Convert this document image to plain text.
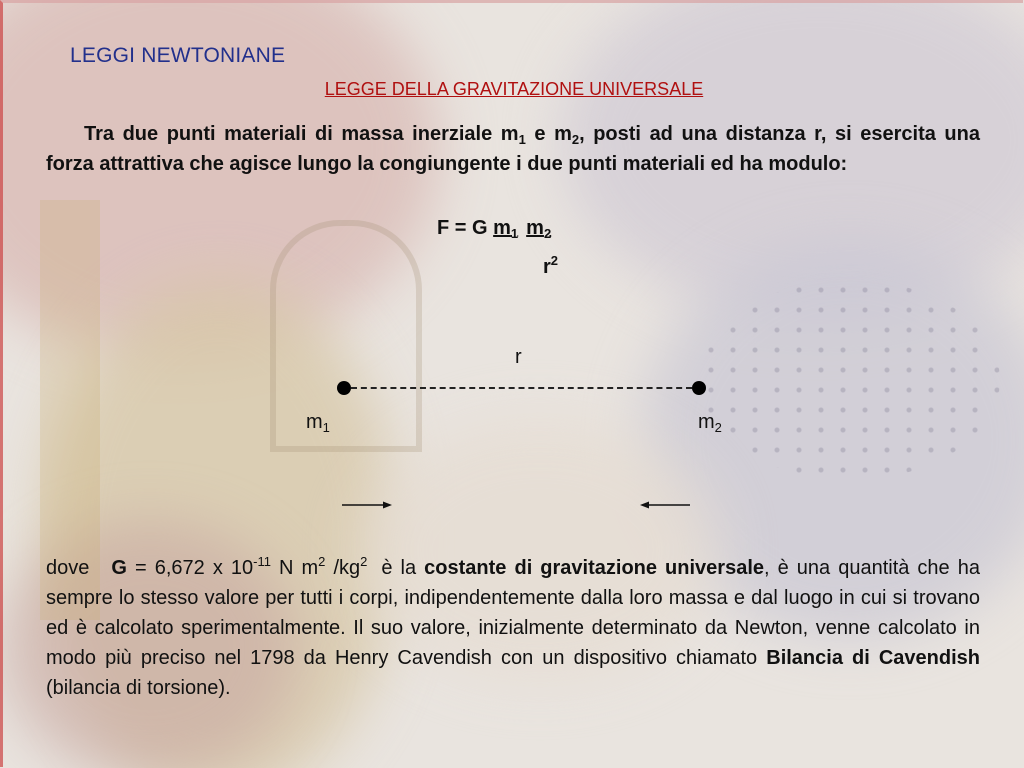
LEGGI NEWTONIANE
LEGGE DELLA GRAVITAZIONE UNIVERSALE

Tra due punti materiali di massa inerziale $m_1$ e $m_2$, posti ad una distanza r, si esercita una forza attrattiva che agisce lungo la congiungente i due punti materiali ed ha modulo:

F = G $m_1$ $m_2$
$r^2$
r
$m_1$	$m_2$

dove G = 6,672 x $10^{-11}$ N $m^2$ $/kg^2$ è la costante di gravitazione universale, è una quantità che ha sempre lo stesso valore per tutti i corpi, indipendentemente dalla loro massa e dal luogo in cui si trovano ed è calcolato sperimentalmente. Il suo valore, inizialmente determinato da Newton, venne calcolato in modo più preciso nel 1798 da Henry Cavendish con un dispositivo chiamato Bilancia di Cavendish (bilancia di torsione).
